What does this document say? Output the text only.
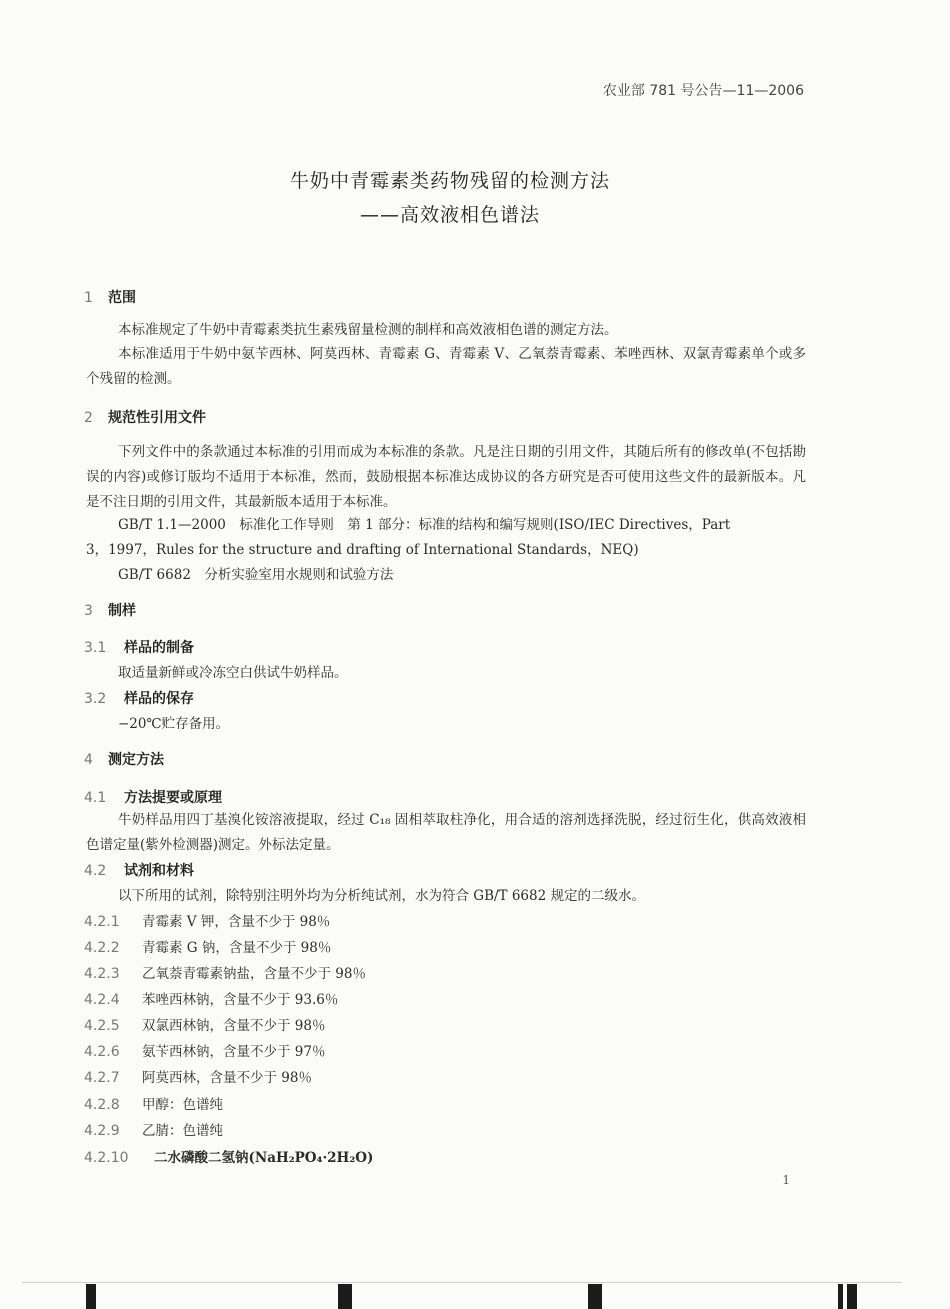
农业部 781 号公告—11—2006
牛奶中青霉素类药物残留的检测方法
——高效液相色谱法
1 范围
本标准规定了牛奶中青霉素类抗生素残留量检测的制样和高效液相色谱的测定方法。
本标准适用于牛奶中氨苄西林、阿莫西林、青霉素 G、青霉素 V、乙氧萘青霉素、苯唑西林、双氯青霉素单个或多个残留的检测。
2 规范性引用文件
下列文件中的条款通过本标准的引用而成为本标准的条款。凡是注日期的引用文件，其随后所有的修改单(不包括勘误的内容)或修订版均不适用于本标准，然而，鼓励根据本标准达成协议的各方研究是否可使用这些文件的最新版本。凡是不注日期的引用文件，其最新版本适用于本标准。
GB/T 1.1—2000　标准化工作导则　第 1 部分：标准的结构和编写规则(ISO/IEC Directives，Part
3，1997，Rules for the structure and drafting of International Standards，NEQ)
GB/T 6682　分析实验室用水规则和试验方法
3 制样
3.1 样品的制备
取适量新鲜或冷冻空白供试牛奶样品。
3.2 样品的保存
−20℃贮存备用。
4 测定方法
4.1 方法提要或原理
牛奶样品用四丁基溴化铵溶液提取，经过 C₁₈ 固相萃取柱净化，用合适的溶剂选择洗脱，经过衍生化，供高效液相色谱定量(紫外检测器)测定。外标法定量。
4.2 试剂和材料
以下所用的试剂，除特别注明外均为分析纯试剂，水为符合 GB/T 6682 规定的二级水。
4.2.1 青霉素 V 钾，含量不少于 98％
4.2.2 青霉素 G 钠，含量不少于 98％
4.2.3 乙氧萘青霉素钠盐，含量不少于 98％
4.2.4 苯唑西林钠，含量不少于 93.6％
4.2.5 双氯西林钠，含量不少于 98％
4.2.6 氨苄西林钠，含量不少于 97％
4.2.7 阿莫西林，含量不少于 98％
4.2.8 甲醇：色谱纯
4.2.9 乙腈：色谱纯
4.2.10 二水磷酸二氢钠(NaH₂PO₄·2H₂O)
1
